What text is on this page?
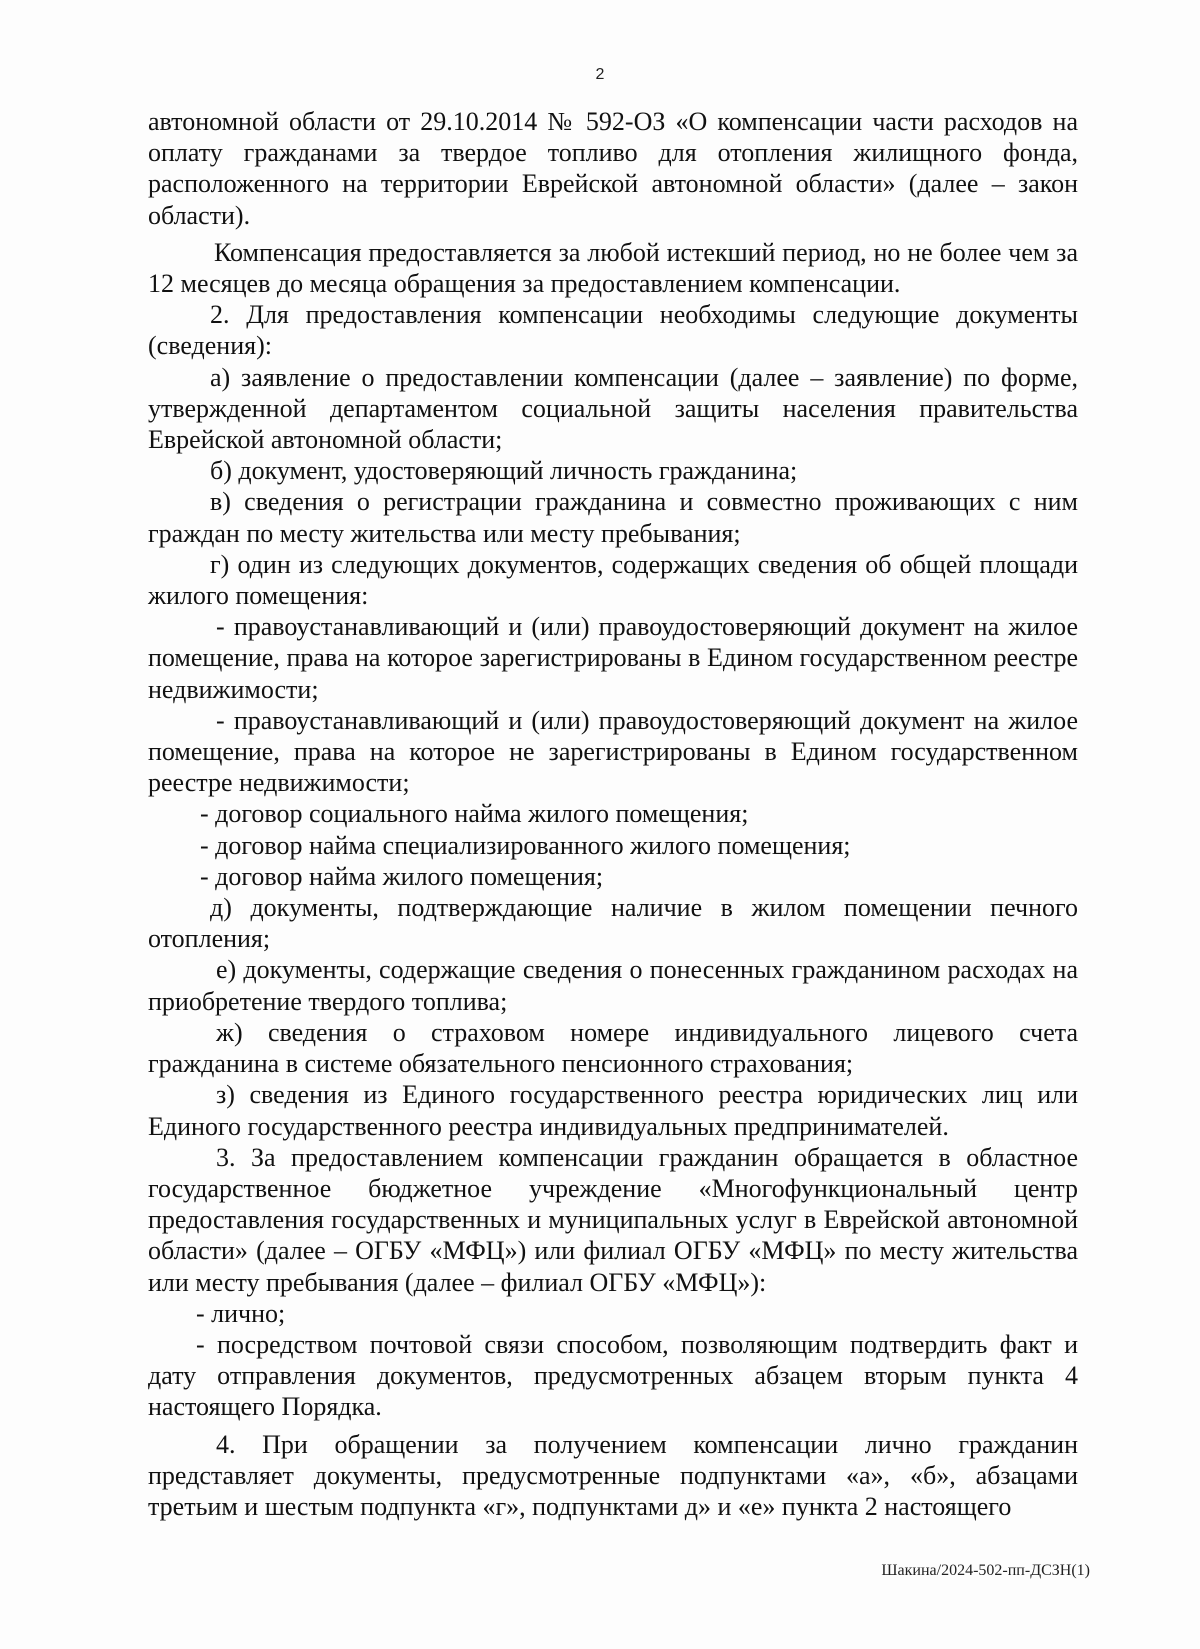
2

автономной области от 29.10.2014 № 592-ОЗ «О компенсации части расходов на оплату гражданами за твердое топливо для отопления жилищного фонда, расположенного на территории Еврейской автономной области» (далее – закон области).

Компенсация предоставляется за любой истекший период, но не более чем за 12 месяцев до месяца обращения за предоставлением компенсации.

2. Для предоставления компенсации необходимы следующие документы (сведения):

а) заявление о предоставлении компенсации (далее – заявление) по форме, утвержденной департаментом социальной защиты населения правительства Еврейской автономной области;

б) документ, удостоверяющий личность гражданина;

в) сведения о регистрации гражданина и совместно проживающих с ним граждан по месту жительства или месту пребывания;

г) один из следующих документов, содержащих сведения об общей площади жилого помещения:

- правоустанавливающий и (или) правоудостоверяющий документ на жилое помещение, права на которое зарегистрированы в Едином государственном реестре недвижимости;

- правоустанавливающий и (или) правоудостоверяющий документ на жилое помещение, права на которое не зарегистрированы в Едином государственном реестре недвижимости;

- договор социального найма жилого помещения;

- договор найма специализированного жилого помещения;

- договор найма жилого помещения;

д) документы, подтверждающие наличие в жилом помещении печного отопления;

е) документы, содержащие сведения о понесенных гражданином расходах на приобретение твердого топлива;

ж) сведения о страховом номере индивидуального лицевого счета гражданина в системе обязательного пенсионного страхования;

з) сведения из Единого государственного реестра юридических лиц или Единого государственного реестра индивидуальных предпринимателей.

3. За предоставлением компенсации гражданин обращается в областное государственное бюджетное учреждение «Многофункциональный центр предоставления государственных и муниципальных услуг в Еврейской автономной области» (далее – ОГБУ «МФЦ») или филиал ОГБУ «МФЦ» по месту жительства или месту пребывания (далее – филиал ОГБУ «МФЦ»):

- лично;

- посредством почтовой связи способом, позволяющим подтвердить факт и дату отправления документов, предусмотренных абзацем вторым пункта 4 настоящего Порядка.

4. При обращении за получением компенсации лично гражданин представляет документы, предусмотренные подпунктами «а», «б», абзацами третьим и шестым подпункта «г», подпунктами д» и «е» пункта 2 настоящего

Шакина/2024-502-пп-ДСЗН(1)
